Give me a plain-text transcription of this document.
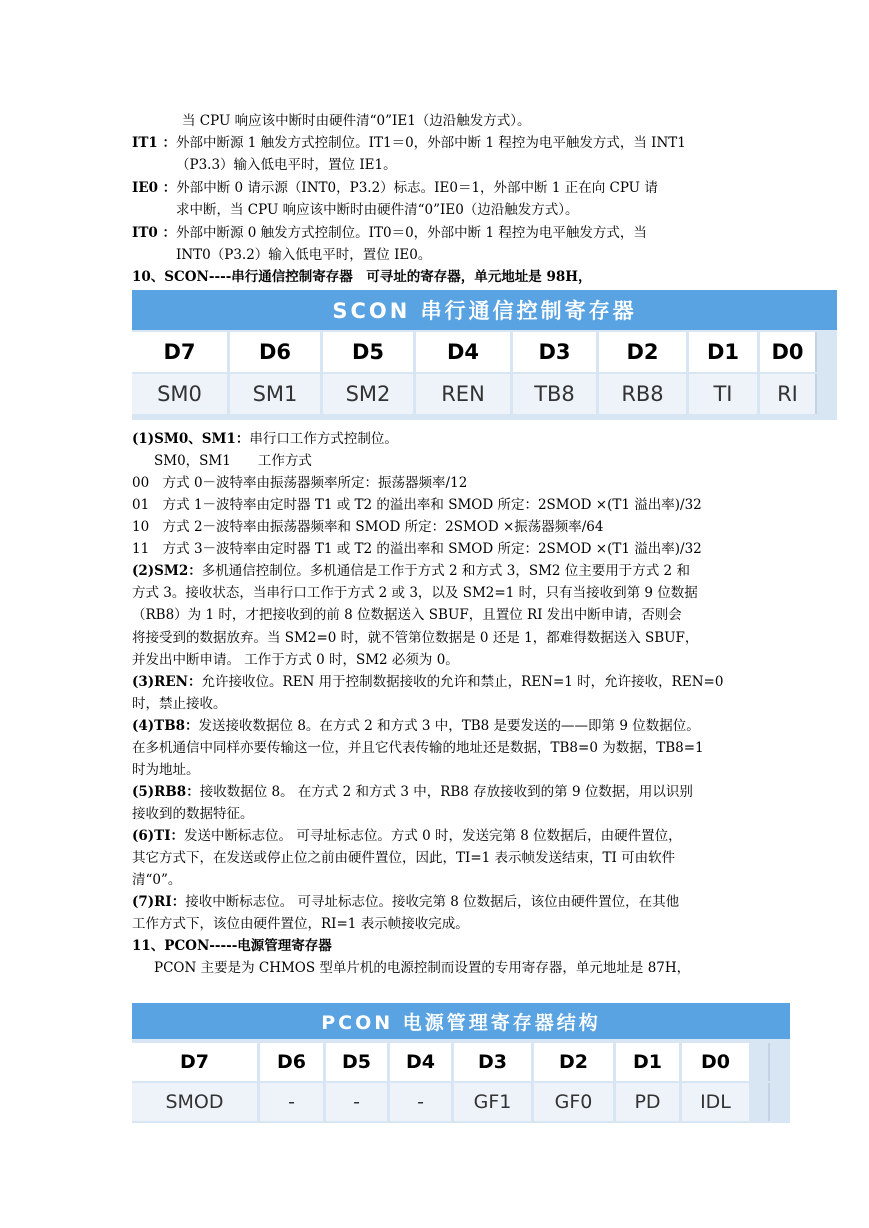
当 CPU 响应该中断时由硬件清“0”IE1（边沿触发方式）。
IT1 ：外部中断源 1 触发方式控制位。IT1＝0，外部中断 1 程控为电平触发方式，当 INT1
（P3.3）输入低电平时，置位 IE1。
IE0 ：外部中断 0 请示源（INT0，P3.2）标志。IE0＝1，外部中断 1 正在向 CPU 请
求中断，当 CPU 响应该中断时由硬件清“0”IE0（边沿触发方式）。
IT0 ：外部中断源 0 触发方式控制位。IT0＝0，外部中断 1 程控为电平触发方式，当
INT0（P3.2）输入低电平时，置位 IE0。
10、SCON----串行通信控制寄存器　可寻址的寄存器，单元地址是 98H，
(1)SM0、SM1：串行口工作方式控制位。
SM0，SM1　　工作方式
00　方式 0－波特率由振荡器频率所定：振荡器频率/12
01　方式 1－波特率由定时器 T1 或 T2 的溢出率和 SMOD 所定：2SMOD ×(T1 溢出率)/32
10　方式 2－波特率由振荡器频率和 SMOD 所定：2SMOD ×振荡器频率/64
11　方式 3－波特率由定时器 T1 或 T2 的溢出率和 SMOD 所定：2SMOD ×(T1 溢出率)/32
(2)SM2：多机通信控制位。多机通信是工作于方式 2 和方式 3，SM2 位主要用于方式 2 和
方式 3。接收状态，当串行口工作于方式 2 或 3，以及 SM2=1 时，只有当接收到第 9 位数据
（RB8）为 1 时，才把接收到的前 8 位数据送入 SBUF，且置位 RI 发出中断申请，否则会
将接受到的数据放弃。当 SM2=0 时，就不管第位数据是 0 还是 1，都难得数据送入 SBUF，
并发出中断申请。 工作于方式 0 时，SM2 必须为 0。
(3)REN：允许接收位。REN 用于控制数据接收的允许和禁止，REN=1 时，允许接收，REN=0
时，禁止接收。
(4)TB8：发送接收数据位 8。在方式 2 和方式 3 中，TB8 是要发送的——即第 9 位数据位。
在多机通信中同样亦要传输这一位，并且它代表传输的地址还是数据，TB8=0 为数据，TB8=1
时为地址。
(5)RB8：接收数据位 8。 在方式 2 和方式 3 中，RB8 存放接收到的第 9 位数据，用以识别
接收到的数据特征。
(6)TI：发送中断标志位。 可寻址标志位。方式 0 时，发送完第 8 位数据后，由硬件置位，
其它方式下，在发送或停止位之前由硬件置位，因此，TI=1 表示帧发送结束，TI 可由软件
清“0”。
(7)RI：接收中断标志位。 可寻址标志位。接收完第 8 位数据后，该位由硬件置位，在其他
工作方式下，该位由硬件置位，RI=1 表示帧接收完成。
11、PCON-----电源管理寄存器
PCON 主要是为 CHMOS 型单片机的电源控制而设置的专用寄存器，单元地址是 87H，
SCON 串行通信控制寄存器
D7	D6	D5	D4	D3	D2	D1	D0
SM0	SM1	SM2	REN	TB8	RB8	TI	RI
PCON 电源管理寄存器结构
D7	D6	D5	D4	D3	D2	D1	D0
SMOD	-	-	-	GF1	GF0	PD	IDL
